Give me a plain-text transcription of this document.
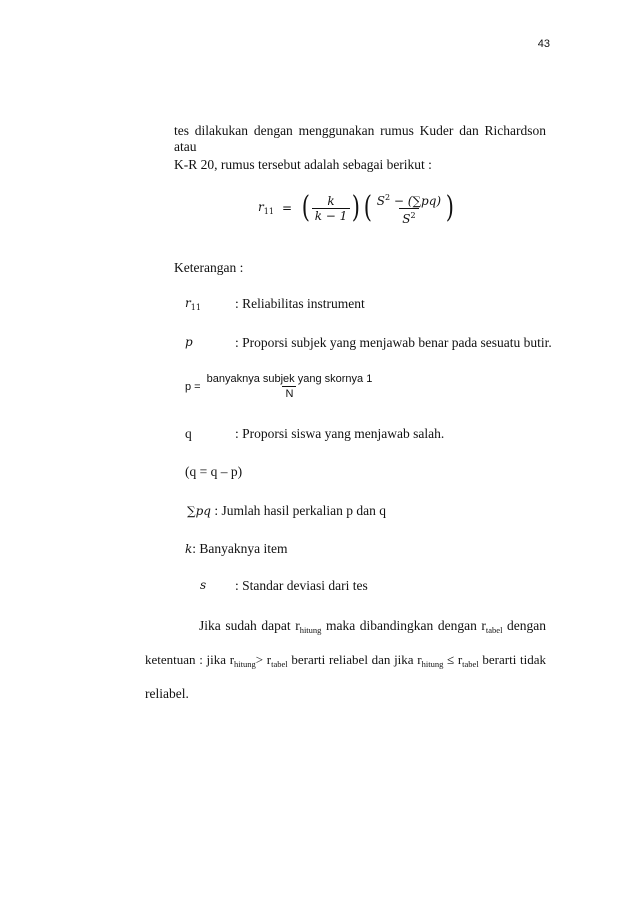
43
tes dilakukan dengan menggunakan rumus Kuder dan Richardson atau
K-R 20, rumus tersebut adalah sebagai berikut :
$r_{11}$ = ( $\frac{k}{k - 1}$ ) ( $\frac{S^2 - (\sum pq)}{S^2}$ )
Keterangan :
$r_{11}$	: Reliabilitas instrument
p	: Proporsi subjek yang menjawab benar pada sesuatu butir.
$p = \frac{\text{banyaknya subjek yang skornya 1}}{N}$
q	: Proporsi siswa yang menjawab salah.
(q = q – p)
∑pq : Jumlah hasil perkalian p dan q
k: Banyaknya item
s : Standar deviasi dari tes
Jika sudah dapat $r_{hitung}$ maka dibandingkan dengan $r_{tabel}$ dengan
ketentuan : jika $r_{hitung}> r_{tabel}$ berarti reliabel dan jika $r_{hitung} \le r_{tabel}$ berarti tidak
reliabel.
